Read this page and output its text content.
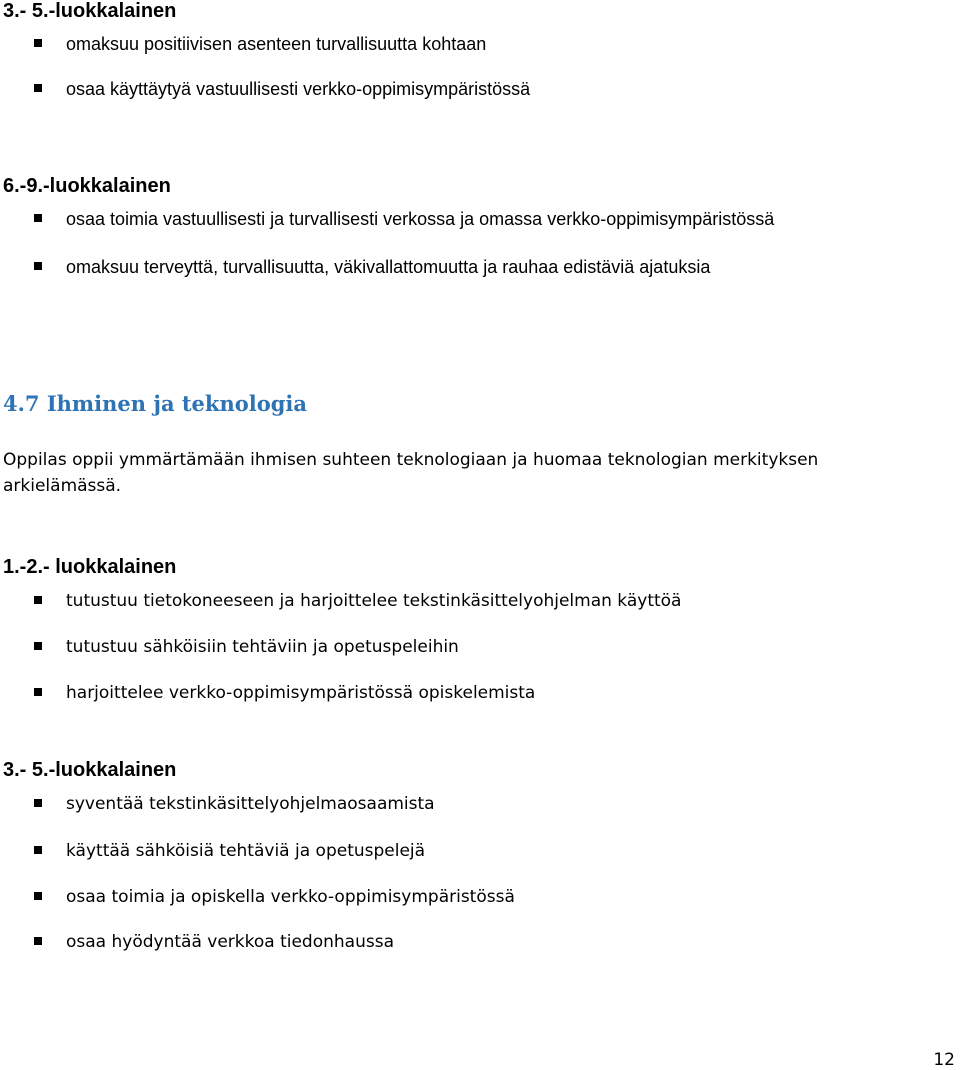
3.- 5.-luokkalainen
omaksuu positiivisen asenteen turvallisuutta kohtaan
osaa käyttäytyä vastuullisesti verkko-oppimisympäristössä
6.-9.-luokkalainen
osaa toimia vastuullisesti ja turvallisesti verkossa ja omassa verkko-oppimisympäristössä
omaksuu terveyttä, turvallisuutta, väkivallattomuutta ja rauhaa edistäviä ajatuksia
4.7 Ihminen ja teknologia
Oppilas oppii ymmärtämään ihmisen suhteen teknologiaan ja huomaa teknologian merkityksen arkielämässä.
1.-2.- luokkalainen
tutustuu tietokoneeseen ja harjoittelee tekstinkäsittelyohjelman käyttöä
tutustuu sähköisiin tehtäviin ja opetuspeleihin
harjoittelee verkko-oppimisympäristössä opiskelemista
3.- 5.-luokkalainen
syventää tekstinkäsittelyohjelmaosaamista
käyttää sähköisiä tehtäviä ja opetuspelejä
osaa toimia ja opiskella verkko-oppimisympäristössä
osaa hyödyntää verkkoa tiedonhaussa
12
